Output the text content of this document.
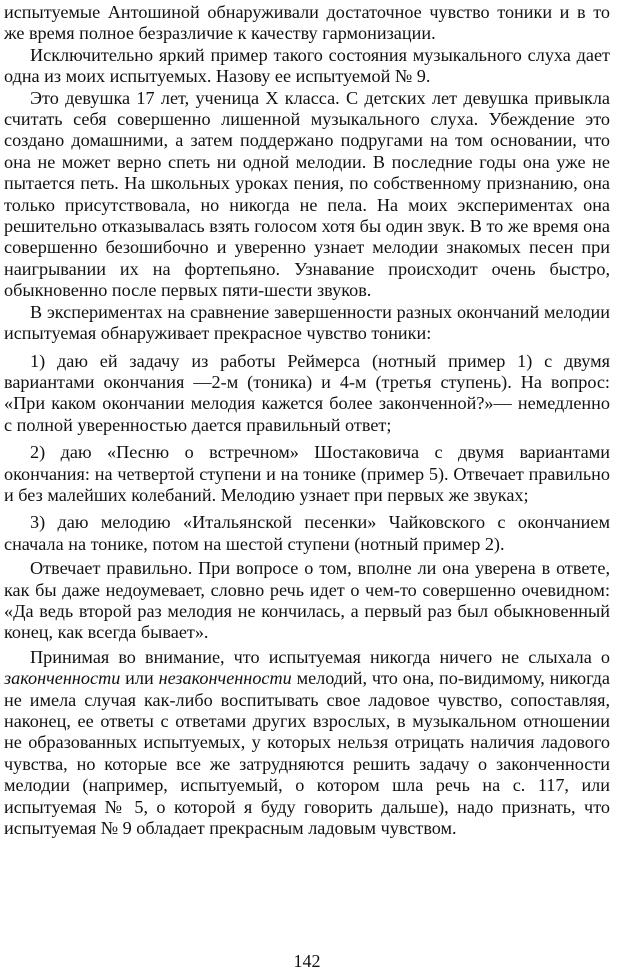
испытуемые Антошиной обнаруживали достаточное чувство тоники и в то же время полное безразличие к качеству гармонизации.

Исключительно яркий пример такого состояния музыкального слуха дает одна из моих испытуемых. Назову ее испытуемой № 9.

Это девушка 17 лет, ученица X класса. С детских лет девушка привыкла считать себя совершенно лишенной музыкального слуха. Убеждение это создано домашними, а затем поддержано подругами на том основании, что она не может верно спеть ни одной мелодии. В последние годы она уже не пытается петь. На школьных уроках пения, по собственному признанию, она только присутствовала, но никогда не пела. На моих экспериментах она решительно отказывалась взять голосом хотя бы один звук. В то же время она совершенно безошибочно и уверенно узнает мелодии знакомых песен при наигрывании их на фортепьяно. Узнавание происходит очень быстро, обыкновенно после первых пяти-шести звуков.

В экспериментах на сравнение завершенности разных окончаний мелодии испытуемая обнаруживает прекрасное чувство тоники:

1) даю ей задачу из работы Реймерса (нотный пример 1) с двумя вариантами окончания —2-м (тоника) и 4-м (третья ступень). На вопрос: «При каком окончании мелодия кажется более законченной?»— немедленно с полной уверенностью дается правильный ответ;

2) даю «Песню о встречном» Шостаковича с двумя вариантами окончания: на четвертой ступени и на тонике (пример 5). Отвечает правильно и без малейших колебаний. Мелодию узнает при первых же звуках;

3) даю мелодию «Итальянской песенки» Чайковского с окончанием сначала на тонике, потом на шестой ступени (нотный пример 2).

Отвечает правильно. При вопросе о том, вполне ли она уверена в ответе, как бы даже недоумевает, словно речь идет о чем-то совершенно очевидном: «Да ведь второй раз мелодия не кончилась, а первый раз был обыкновенный конец, как всегда бывает».

Принимая во внимание, что испытуемая никогда ничего не слыхала о законченности или незаконченности мелодий, что она, по-видимому, никогда не имела случая как-либо воспитывать свое ладовое чувство, сопоставляя, наконец, ее ответы с ответами других взрослых, в музыкальном отношении не образованных испытуемых, у которых нельзя отрицать наличия ладового чувства, но которые все же затрудняются решить задачу о законченности мелодии (например, испытуемый, о котором шла речь на с. 117, или испытуемая № 5, о которой я буду говорить дальше), надо признать, что испытуемая № 9 обладает прекрасным ладовым чувством.

142
